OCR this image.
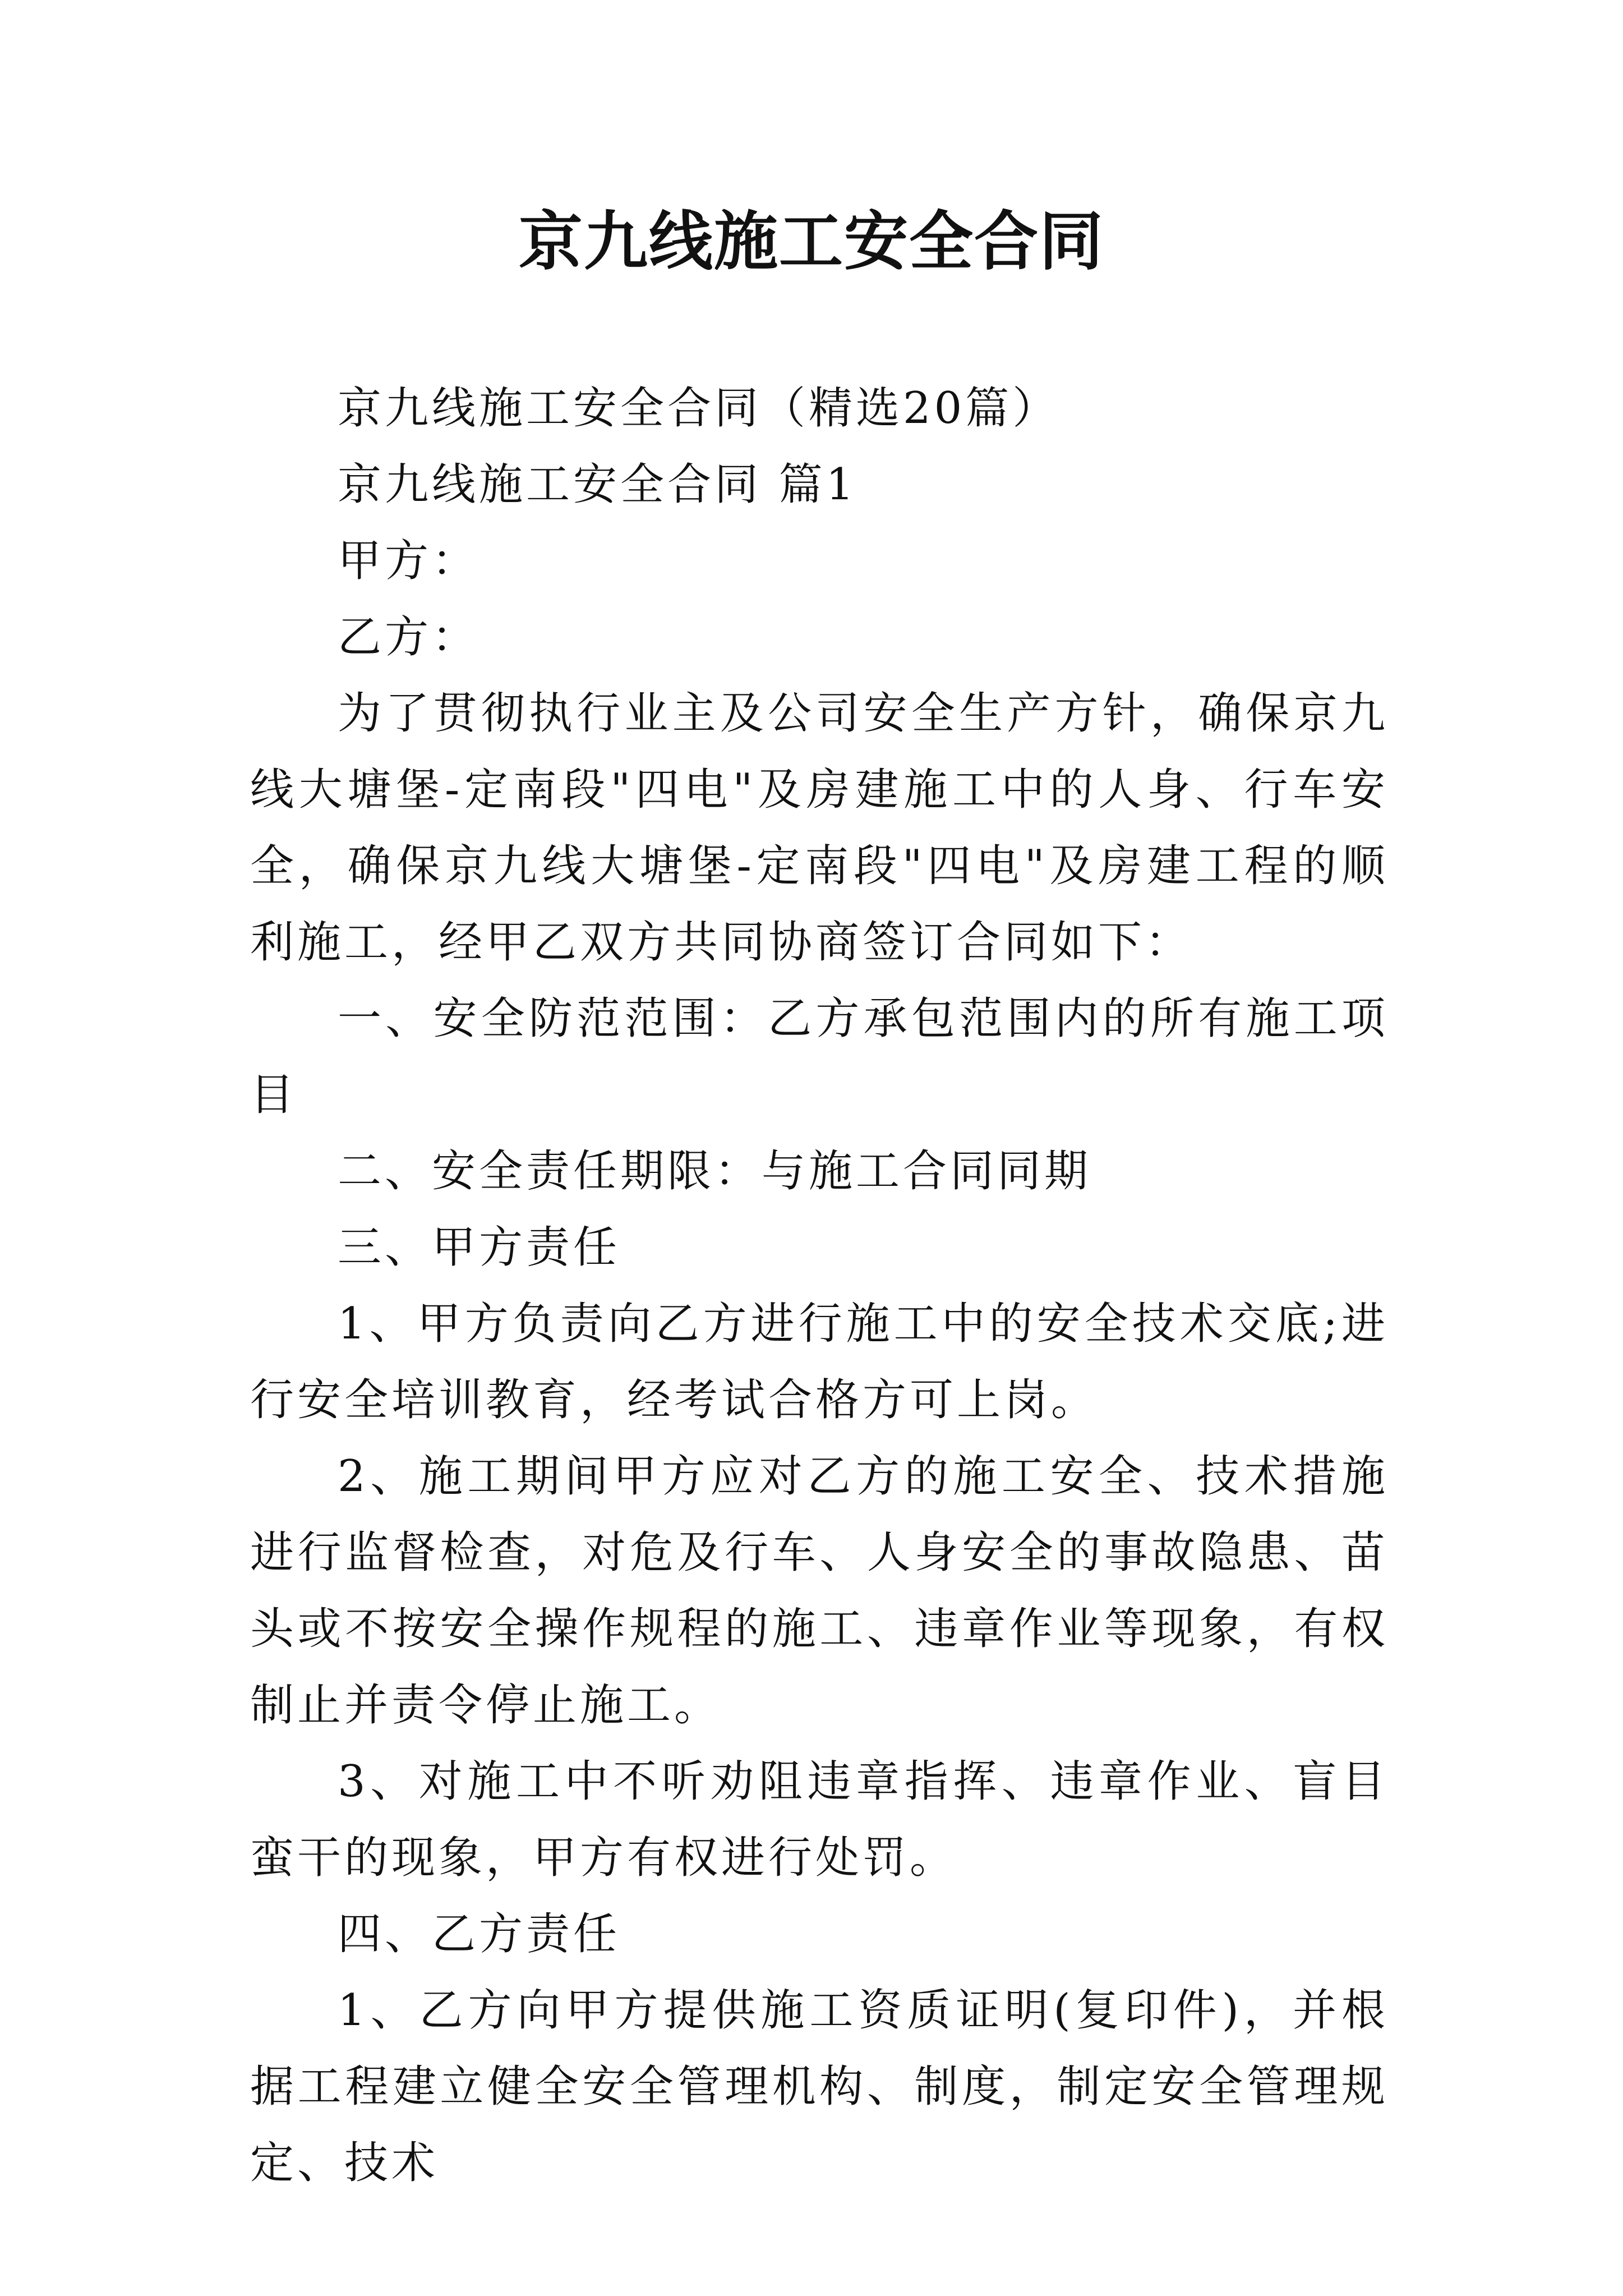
京九线施工安全合同

京九线施工安全合同（精选20篇）

京九线施工安全合同 篇1

甲方：

乙方：

为了贯彻执行业主及公司安全生产方针，确保京九线大塘堡-定南段"四电"及房建施工中的人身、行车安全，确保京九线大塘堡-定南段"四电"及房建工程的顺利施工，经甲乙双方共同协商签订合同如下：

一、安全防范范围：乙方承包范围内的所有施工项目

二、安全责任期限：与施工合同同期

三、甲方责任

1、甲方负责向乙方进行施工中的安全技术交底;进行安全培训教育，经考试合格方可上岗。

2、施工期间甲方应对乙方的施工安全、技术措施进行监督检查，对危及行车、人身安全的事故隐患、苗头或不按安全操作规程的施工、违章作业等现象，有权制止并责令停止施工。

3、对施工中不听劝阻违章指挥、违章作业、盲目蛮干的现象，甲方有权进行处罚。

四、乙方责任

1、乙方向甲方提供施工资质证明(复印件)，并根据工程建立健全安全管理机构、制度，制定安全管理规定、技术
